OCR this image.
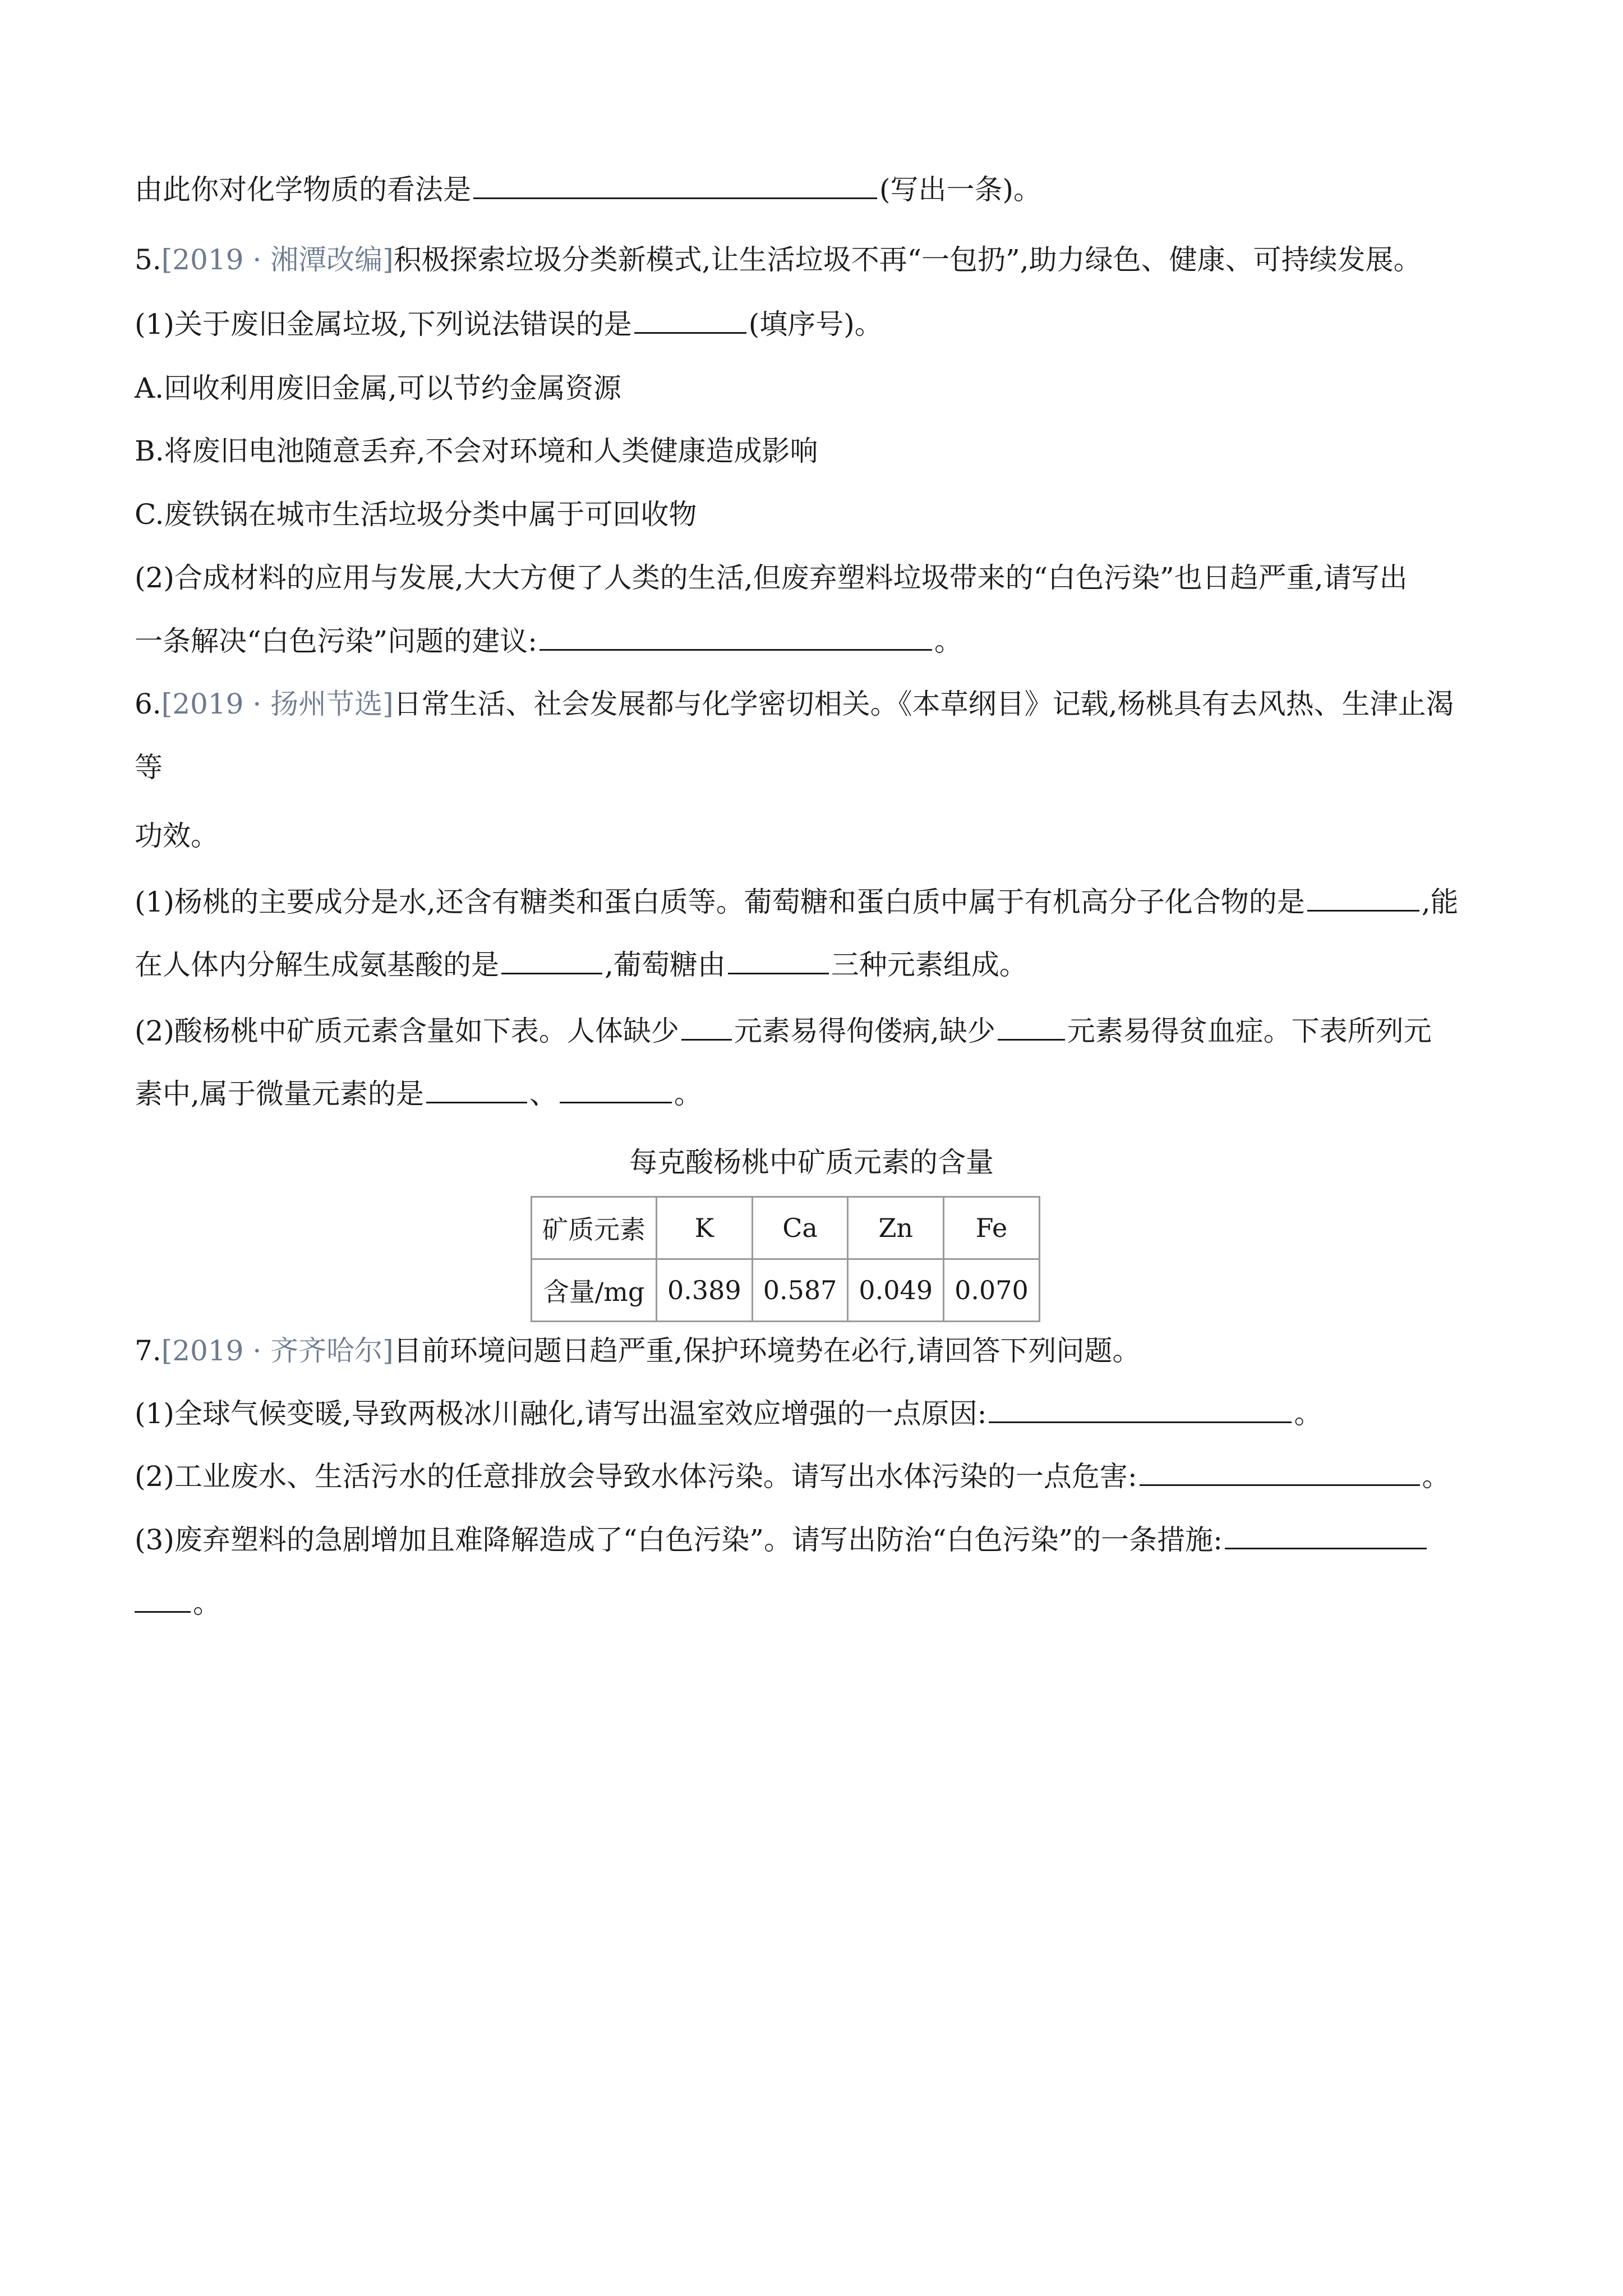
由此你对化学物质的看法是	(写出一条)。
5.[2019 · 湘潭改编]积极探索垃圾分类新模式,让生活垃圾不再“一包扔”,助力绿色、健康、可持续发展。
(1)关于废旧金属垃圾,下列说法错误的是	(填序号)。
A.回收利用废旧金属,可以节约金属资源
B.将废旧电池随意丢弃,不会对环境和人类健康造成影响
C.废铁锅在城市生活垃圾分类中属于可回收物
(2)合成材料的应用与发展,大大方便了人类的生活,但废弃塑料垃圾带来的“白色污染”也日趋严重,请写出
一条解决“白色污染”问题的建议:	。
6.[2019 · 扬州节选]日常生活、社会发展都与化学密切相关。《本草纲目》记载,杨桃具有去风热、生津止渴
等
功效。
(1)杨桃的主要成分是水,还含有糖类和蛋白质等。葡萄糖和蛋白质中属于有机高分子化合物的是	,能
在人体内分解生成氨基酸的是	,葡萄糖由	三种元素组成。
(2)酸杨桃中矿质元素含量如下表。人体缺少 元素易得佝偻病,缺少	元素易得贫血症。下表所列元
素中,属于微量元素的是	、	。
每克酸杨桃中矿质元素的含量
矿质元素	K	Ca	Zn	Fe
含量/mg	0.389	0.587	0.049	0.070
7.[2019 · 齐齐哈尔]目前环境问题日趋严重,保护环境势在必行,请回答下列问题。
(1)全球气候变暖,导致两极冰川融化,请写出温室效应增强的一点原因:	。
(2)工业废水、生活污水的任意排放会导致水体污染。请写出水体污染的一点危害:	。
(3)废弃塑料的急剧增加且难降解造成了“白色污染”。请写出防治“白色污染”的一条措施:
。
